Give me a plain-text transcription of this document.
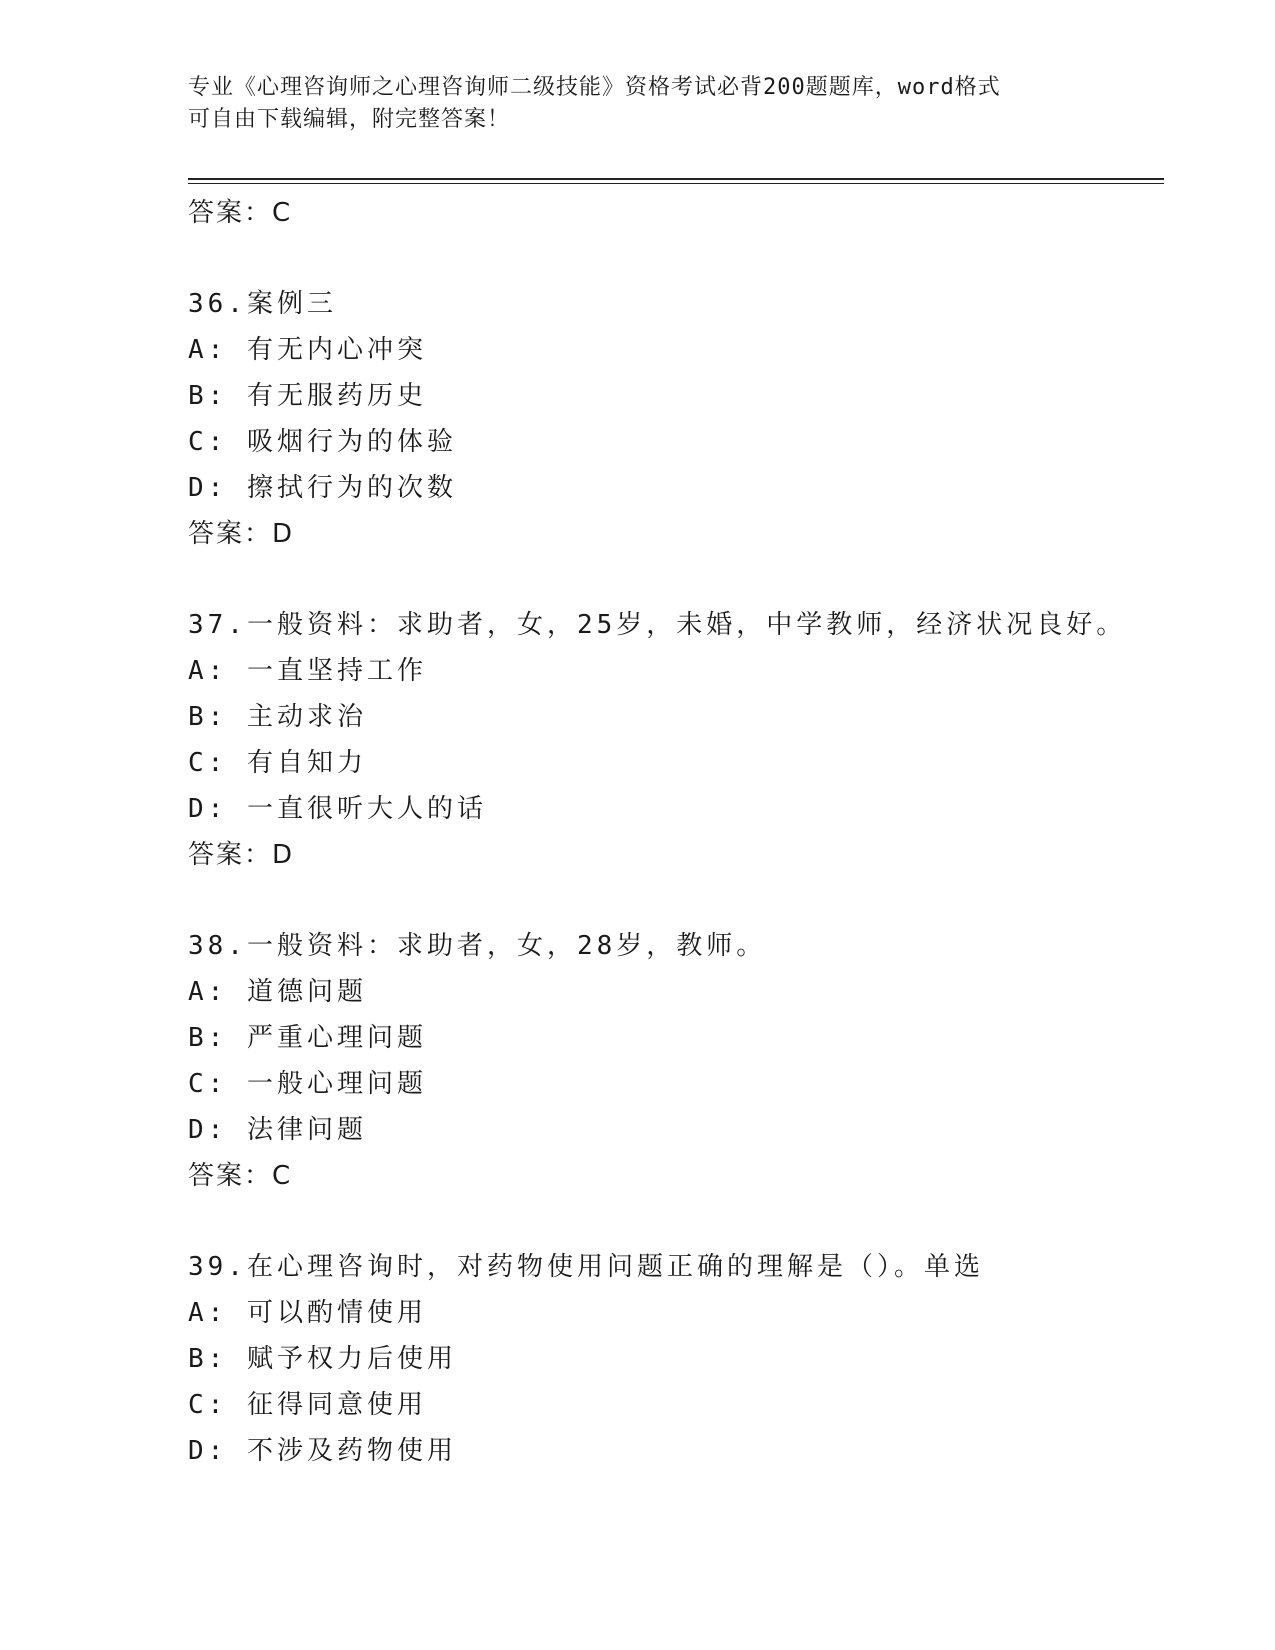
专业《心理咨询师之心理咨询师二级技能》资格考试必背200题题库，word格式
可自由下载编辑，附完整答案！
答案：C
36.案例三
A: 有无内心冲突
B: 有无服药历史
C: 吸烟行为的体验
D: 擦拭行为的次数
答案：D
37.一般资料：求助者，女，25岁，未婚，中学教师，经济状况良好。
A: 一直坚持工作
B: 主动求治
C: 有自知力
D: 一直很听大人的话
答案：D
38.一般资料：求助者，女，28岁，教师。
A: 道德问题
B: 严重心理问题
C: 一般心理问题
D: 法律问题
答案：C
39.在心理咨询时，对药物使用问题正确的理解是（）。单选
A: 可以酌情使用
B: 赋予权力后使用
C: 征得同意使用
D: 不涉及药物使用
